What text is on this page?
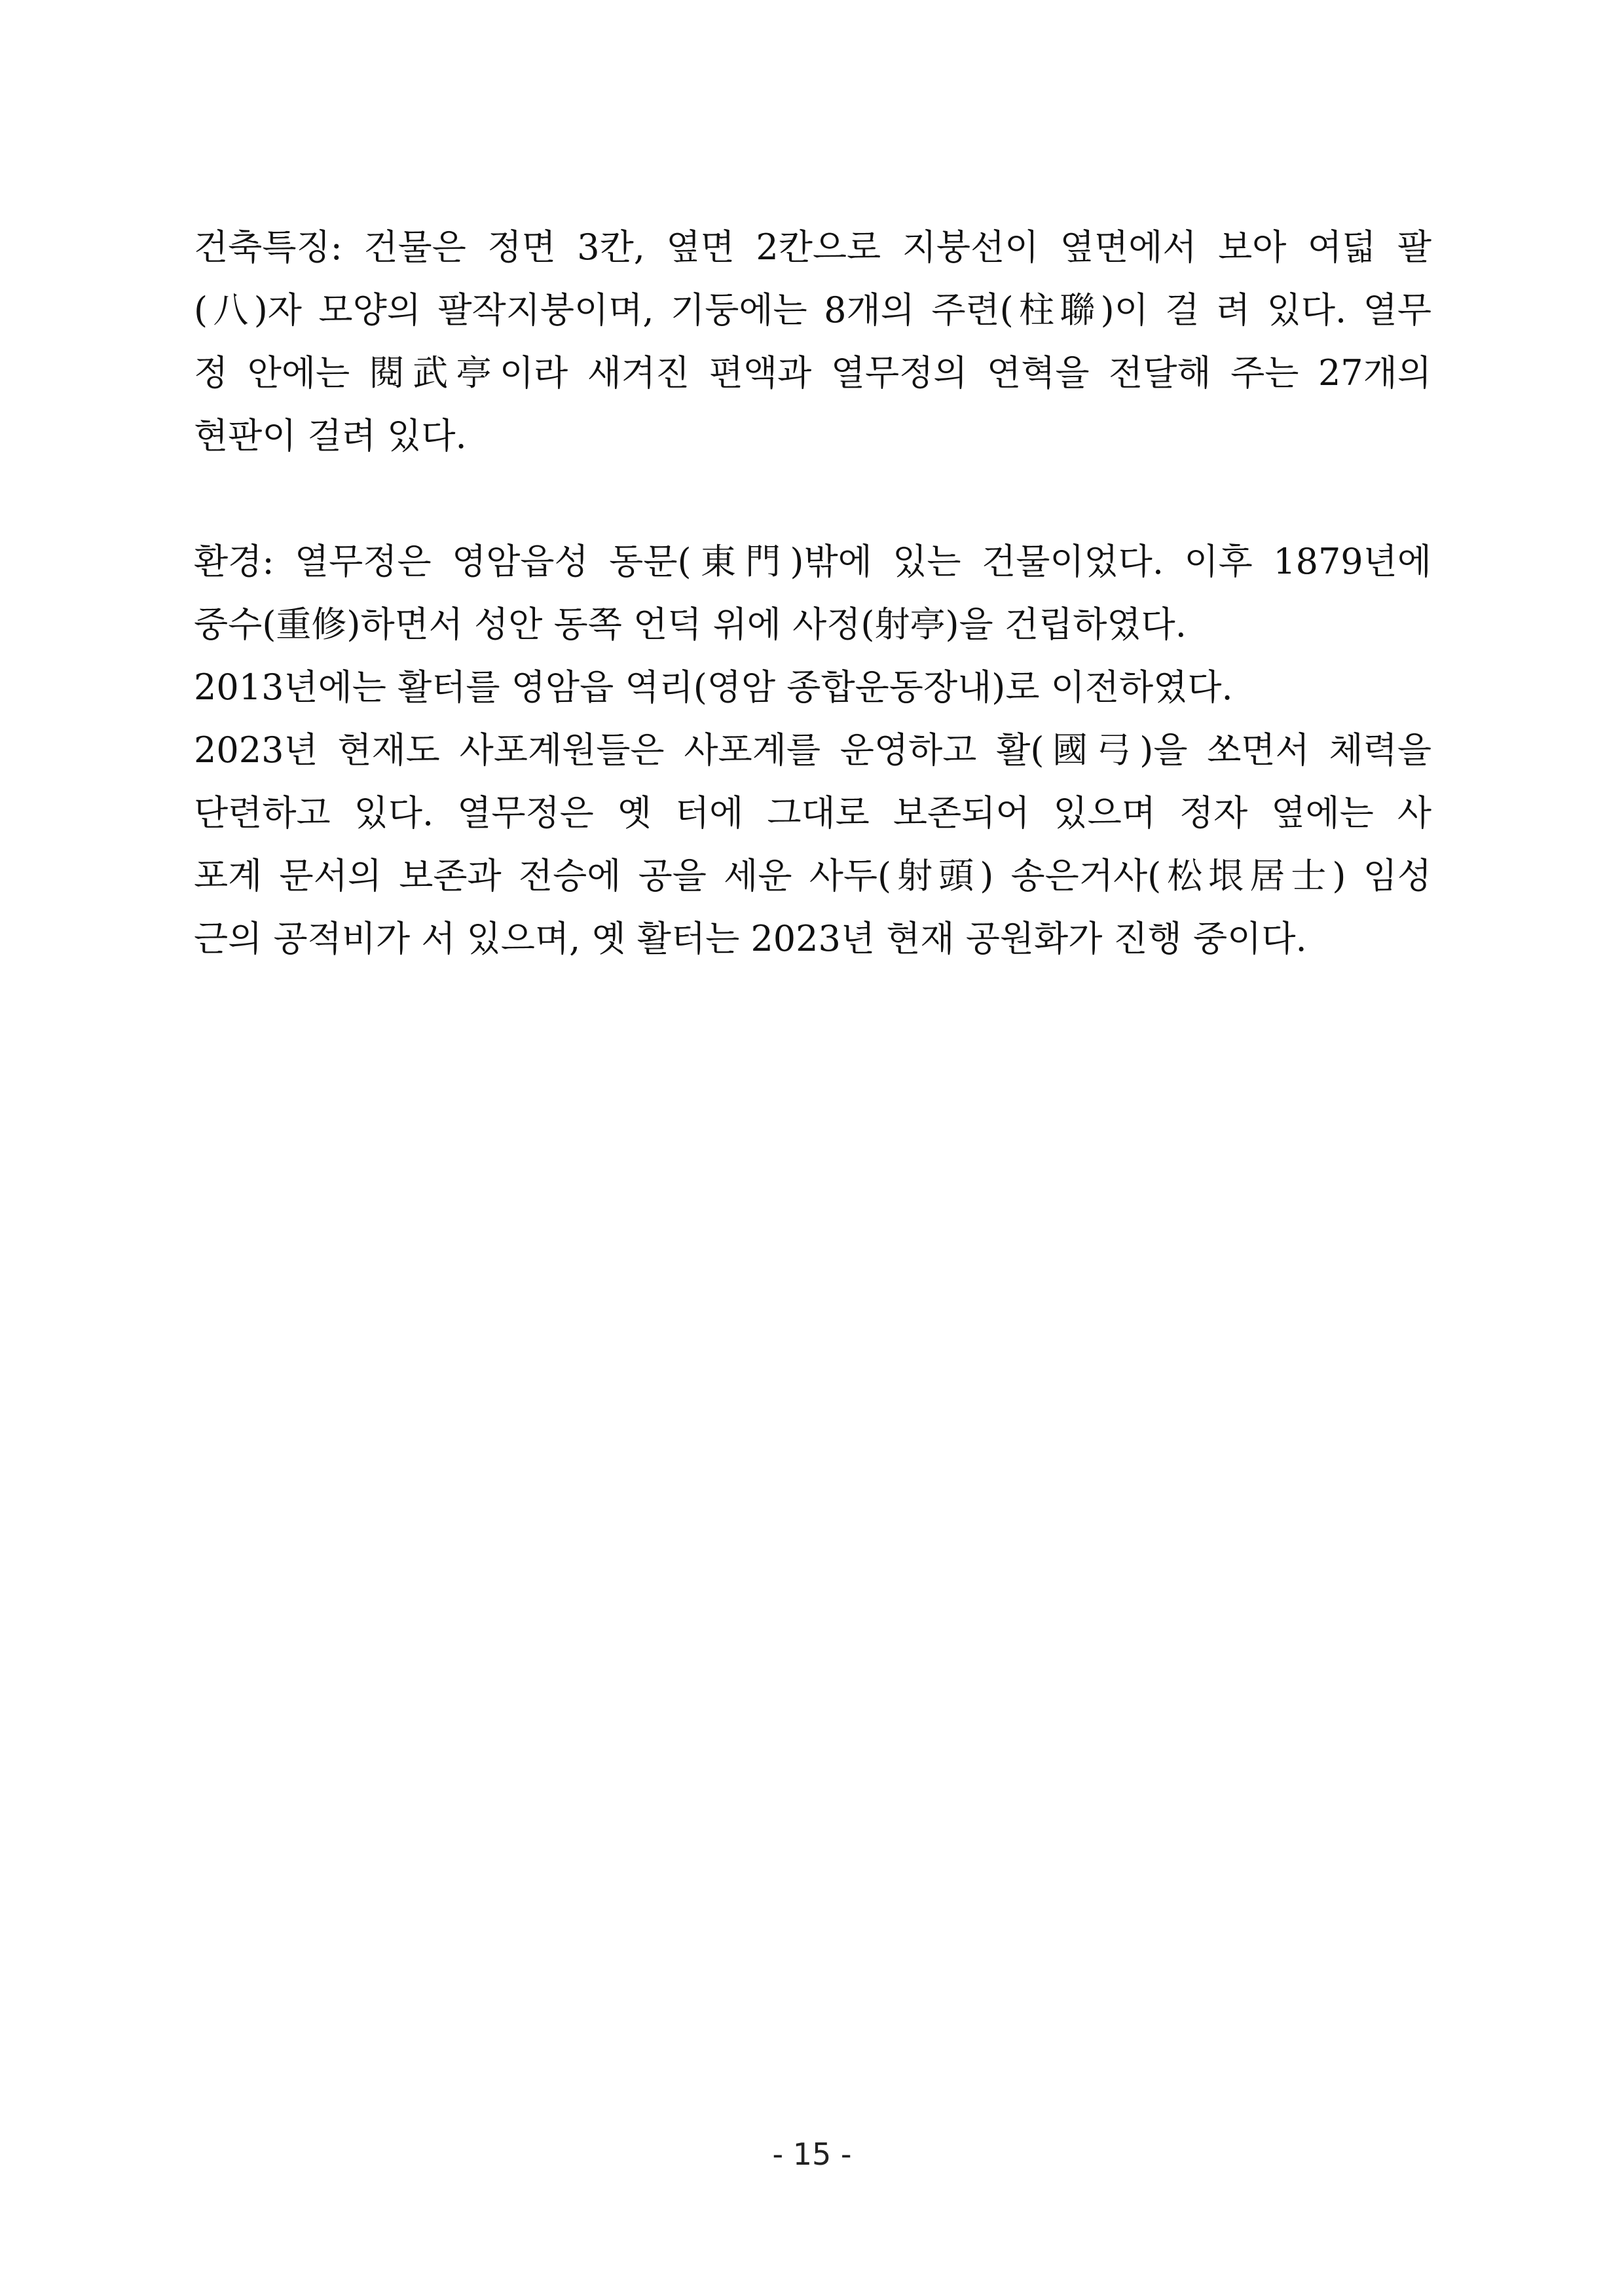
건축특징: 건물은 정면 3칸, 옆면 2칸으로 지붕선이 옆면에서 보아 여덟 팔
(八)자 모양의 팔작지붕이며, 기둥에는 8개의 주련(柱聯)이 걸 려 있다. 열무
정 안에는 閱武亭이라 새겨진 편액과 열무정의 연혁을 전달해 주는 27개의
현판이 걸려 있다.
환경: 열무정은 영암읍성 동문(東門)밖에 있는 건물이었다. 이후 1879년에
중수(重修)하면서 성안 동쪽 언덕 위에 사정(射亭)을 건립하였다.
2013년에는 활터를 영암읍 역리(영암 종합운동장내)로 이전하였다.
2023년 현재도 사포계원들은 사포계를 운영하고 활(國弓)을 쏘면서 체력을
단련하고 있다. 열무정은 옛 터에 그대로 보존되어 있으며 정자 옆에는 사
포계 문서의 보존과 전승에 공을 세운 사두(射頭) 송은거사(松垠居士) 임성
근의 공적비가 서 있으며, 옛 활터는 2023년 현재 공원화가 진행 중이다.
- 15 -
